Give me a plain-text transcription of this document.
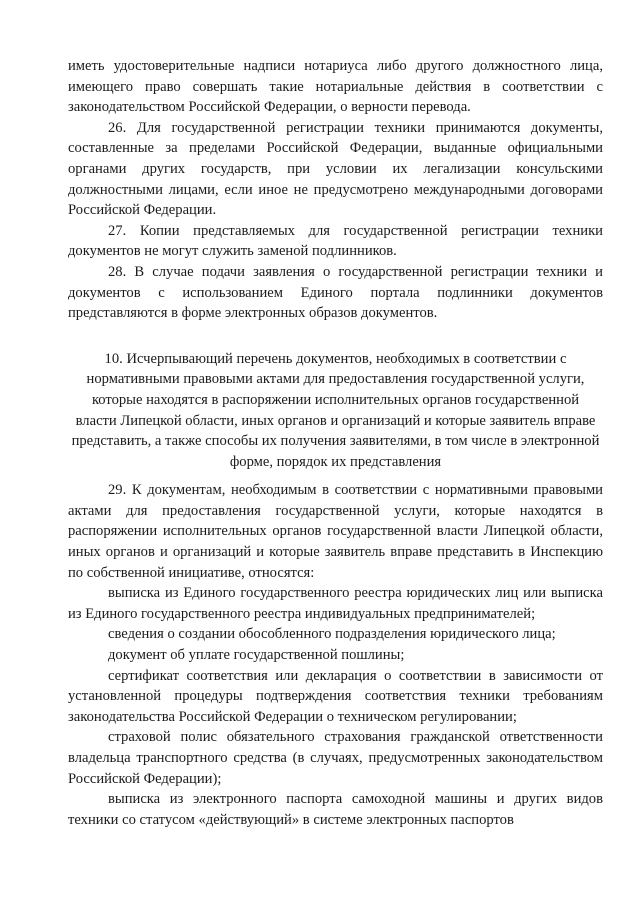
иметь удостоверительные надписи нотариуса либо другого должностного лица, имеющего право совершать такие нотариальные действия в соответствии с законодательством Российской Федерации, о верности перевода.

26. Для государственной регистрации техники принимаются документы, составленные за пределами Российской Федерации, выданные официальными органами других государств, при условии их легализации консульскими должностными лицами, если иное не предусмотрено международными договорами Российской Федерации.

27. Копии представляемых для государственной регистрации техники документов не могут служить заменой подлинников.

28. В случае подачи заявления о государственной регистрации техники и документов с использованием Единого портала подлинники документов представляются в форме электронных образов документов.

10. Исчерпывающий перечень документов, необходимых в соответствии с нормативными правовыми актами для предоставления государственной услуги, которые находятся в распоряжении исполнительных органов государственной власти Липецкой области, иных органов и организаций и которые заявитель вправе представить, а также способы их получения заявителями, в том числе в электронной форме, порядок их представления

29. К документам, необходимым в соответствии с нормативными правовыми актами для предоставления государственной услуги, которые находятся в распоряжении исполнительных органов государственной власти Липецкой области, иных органов и организаций и которые заявитель вправе представить в Инспекцию по собственной инициативе, относятся:

выписка из Единого государственного реестра юридических лиц или выписка из Единого государственного реестра индивидуальных предпринимателей;

сведения о создании обособленного подразделения юридического лица;

документ об уплате государственной пошлины;

сертификат соответствия или декларация о соответствии в зависимости от установленной процедуры подтверждения соответствия техники требованиям законодательства Российской Федерации о техническом регулировании;

страховой полис обязательного страхования гражданской ответственности владельца транспортного средства (в случаях, предусмотренных законодательством Российской Федерации);

выписка из электронного паспорта самоходной машины и других видов техники со статусом «действующий» в системе электронных паспортов
